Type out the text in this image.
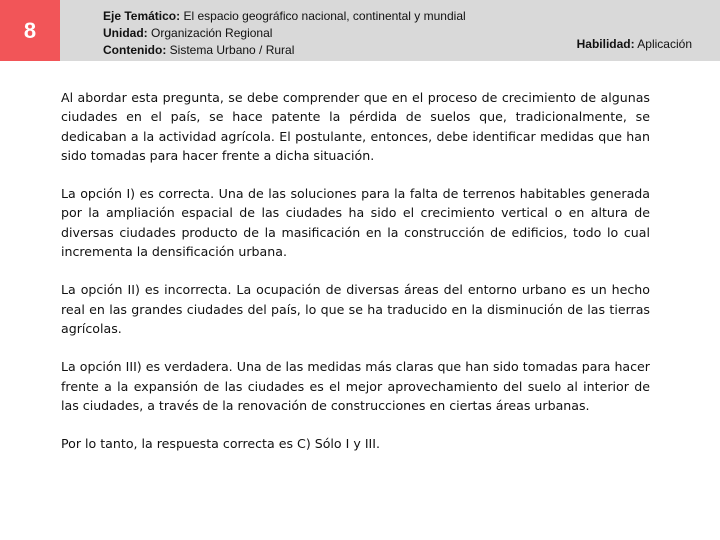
8
Eje Temático: El espacio geográfico nacional, continental y mundial
Unidad: Organización Regional
Contenido: Sistema Urbano / Rural	Habilidad: Aplicación

Al abordar esta pregunta, se debe comprender que en el proceso de crecimiento de algunas ciudades en el país, se hace patente la pérdida de suelos que, tradicionalmente, se dedicaban a la actividad agrícola. El postulante, entonces, debe identificar medidas que han sido tomadas para hacer frente a dicha situación.

La opción I) es correcta. Una de las soluciones para la falta de terrenos habitables generada por la ampliación espacial de las ciudades ha sido el crecimiento vertical o en altura de diversas ciudades producto de la masificación en la construcción de edificios, todo lo cual incrementa la densificación urbana.

La opción II) es incorrecta. La ocupación de diversas áreas del entorno urbano es un hecho real en las grandes ciudades del país, lo que se ha traducido en la disminución de las tierras agrícolas.

La opción III) es verdadera. Una de las medidas más claras que han sido tomadas para hacer frente a la expansión de las ciudades es el mejor aprovechamiento del suelo al interior de las ciudades, a través de la renovación de construcciones en ciertas áreas urbanas.

Por lo tanto, la respuesta correcta es C) Sólo I y III.
